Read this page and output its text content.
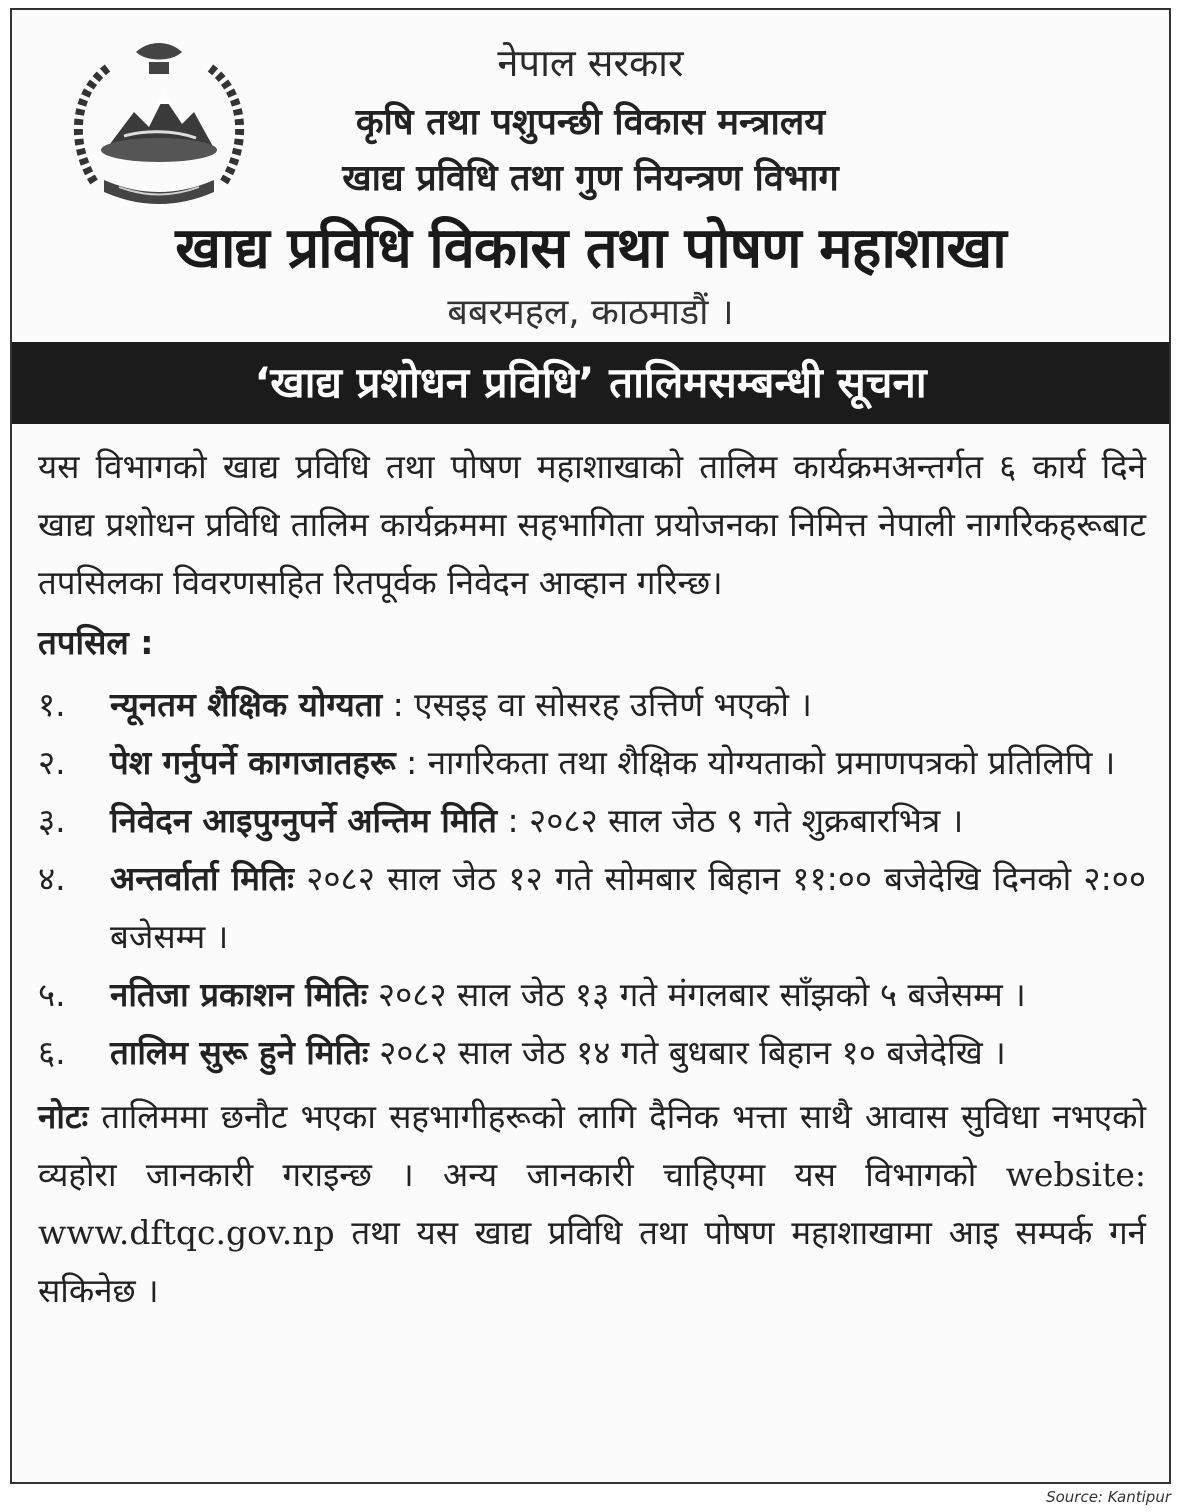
नेपाल सरकार
कृषि तथा पशुपन्छी विकास मन्त्रालय
खाद्य प्रविधि तथा गुण नियन्त्रण विभाग
खाद्य प्रविधि विकास तथा पोषण महाशाखा
बबरमहल, काठमाडौं ।
‘खाद्य प्रशोधन प्रविधि’ तालिमसम्बन्धी सूचना

यस विभागको खाद्य प्रविधि तथा पोषण महाशाखाको तालिम कार्यक्रमअन्तर्गत ६ कार्य दिने खाद्य प्रशोधन प्रविधि तालिम कार्यक्रममा सहभागिता प्रयोजनका निमित्त नेपाली नागरिकहरूबाट तपसिलका विवरणसहित रितपूर्वक निवेदन आव्हान गरिन्छ।

तपसिल :
१.	न्यूनतम शैक्षिक योग्यता : एसइइ वा सोसरह उत्तिर्ण भएको ।
२.	पेश गर्नुपर्ने कागजातहरू : नागरिकता तथा शैक्षिक योग्यताको प्रमाणपत्रको प्रतिलिपि ।
३.	निवेदन आइपुग्नुपर्ने अन्तिम मिति : २०८२ साल जेठ ९ गते शुक्रबारभित्र ।
४.	अन्तर्वार्ता मितिः २०८२ साल जेठ १२ गते सोमबार बिहान ११:०० बजेदेखि दिनको २:०० बजेसम्म ।
५.	नतिजा प्रकाशन मितिः २०८२ साल जेठ १३ गते मंगलबार साँझको ५ बजेसम्म ।
६.	तालिम सुरू हुने मितिः २०८२ साल जेठ १४ गते बुधबार बिहान १० बजेदेखि ।

नोटः तालिममा छनौट भएका सहभागीहरूको लागि दैनिक भत्ता साथै आवास सुविधा नभएको व्यहोरा जानकारी गराइन्छ । अन्य जानकारी चाहिएमा यस विभागको website: www.dftqc.gov.np तथा यस खाद्य प्रविधि तथा पोषण महाशाखामा आइ सम्पर्क गर्न सकिनेछ ।

Source: Kantipur
